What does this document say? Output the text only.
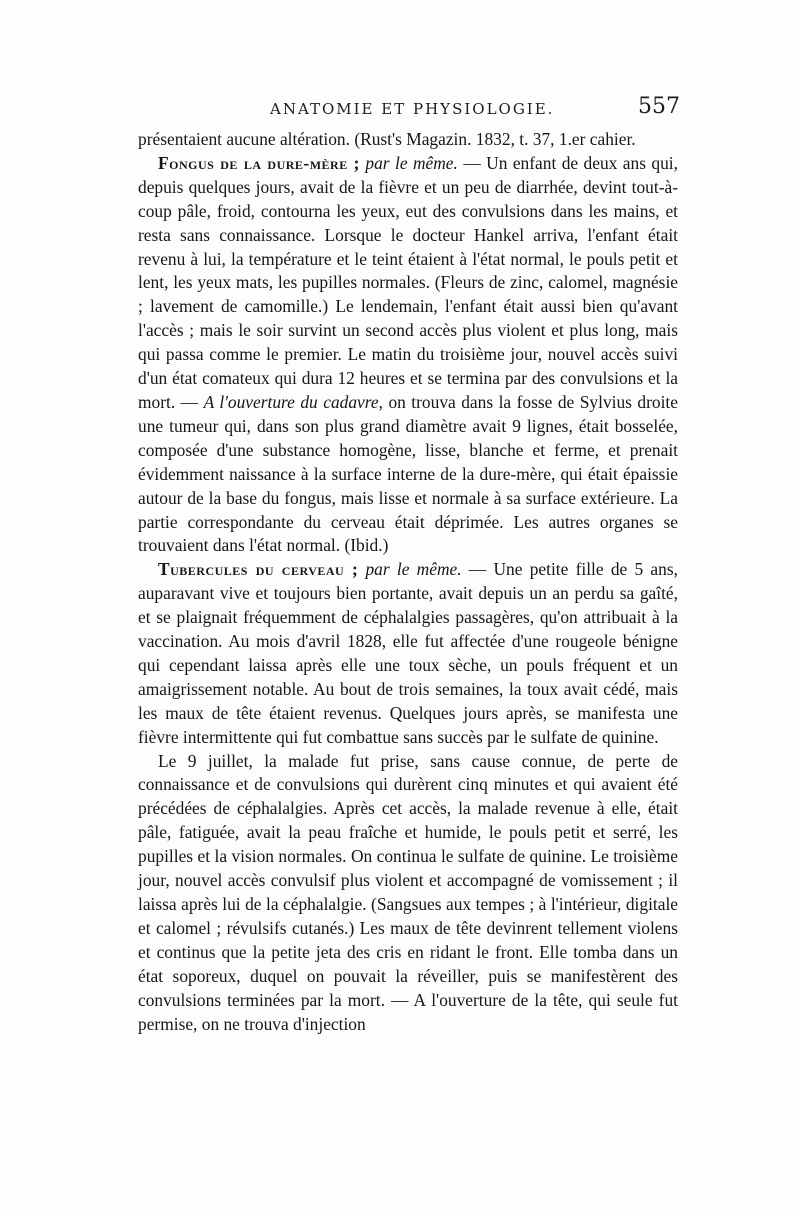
ANATOMIE ET PHYSIOLOGIE.	557

présentaient aucune altération. (Rust's Magazin. 1832, t. 37, 1.er cahier.

Fongus de la dure-mère ; par le même. — Un enfant de deux ans qui, depuis quelques jours, avait de la fièvre et un peu de diarrhée, devint tout-à-coup pâle, froid, contourna les yeux, eut des convulsions dans les mains, et resta sans connaissance. Lorsque le docteur Hankel arriva, l'enfant était revenu à lui, la température et le teint étaient à l'état normal, le pouls petit et lent, les yeux mats, les pupilles normales. (Fleurs de zinc, calomel, magnésie ; lavement de camomille.) Le lendemain, l'enfant était aussi bien qu'avant l'accès ; mais le soir survint un second accès plus violent et plus long, mais qui passa comme le premier. Le matin du troisième jour, nouvel accès suivi d'un état comateux qui dura 12 heures et se termina par des convulsions et la mort. — A l'ouverture du cadavre, on trouva dans la fosse de Sylvius droite une tumeur qui, dans son plus grand diamètre avait 9 lignes, était bosselée, composée d'une substance homogène, lisse, blanche et ferme, et prenait évidemment naissance à la surface interne de la dure-mère, qui était épaissie autour de la base du fongus, mais lisse et normale à sa surface extérieure. La partie correspondante du cerveau était déprimée. Les autres organes se trouvaient dans l'état normal. (Ibid.)

Tubercules du cerveau ; par le même. — Une petite fille de 5 ans, auparavant vive et toujours bien portante, avait depuis un an perdu sa gaîté, et se plaignait fréquemment de céphalalgies passagères, qu'on attribuait à la vaccination. Au mois d'avril 1828, elle fut affectée d'une rougeole bénigne qui cependant laissa après elle une toux sèche, un pouls fréquent et un amaigrissement notable. Au bout de trois semaines, la toux avait cédé, mais les maux de tête étaient revenus. Quelques jours après, se manifesta une fièvre intermittente qui fut combattue sans succès par le sulfate de quinine.

Le 9 juillet, la malade fut prise, sans cause connue, de perte de connaissance et de convulsions qui durèrent cinq minutes et qui avaient été précédées de céphalalgies. Après cet accès, la malade revenue à elle, était pâle, fatiguée, avait la peau fraîche et humide, le pouls petit et serré, les pupilles et la vision normales. On continua le sulfate de quinine. Le troisième jour, nouvel accès convulsif plus violent et accompagné de vomissement ; il laissa après lui de la céphalalgie. (Sangsues aux tempes ; à l'intérieur, digitale et calomel ; révulsifs cutanés.) Les maux de tête devinrent tellement violens et continus que la petite jeta des cris en ridant le front. Elle tomba dans un état soporeux, duquel on pouvait la réveiller, puis se manifestèrent des convulsions terminées par la mort. — A l'ouverture de la tête, qui seule fut permise, on ne trouva d'injection
